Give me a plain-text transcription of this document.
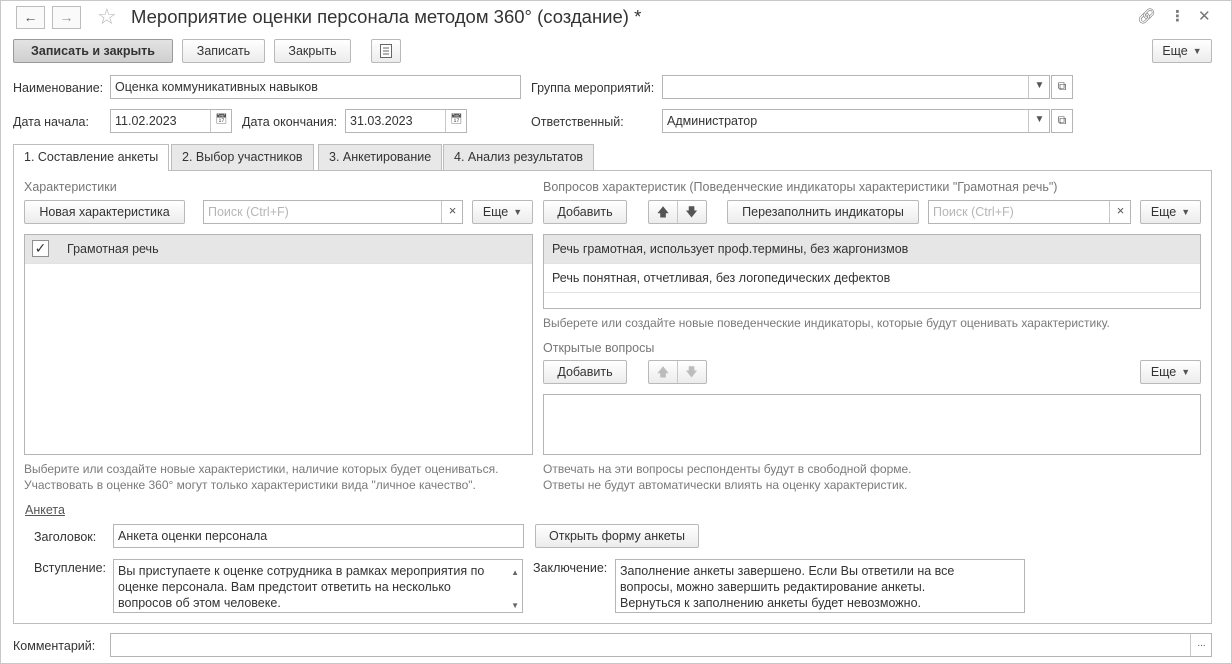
←	→	☆ Мероприятие оценки персонала методом 360° (создание) *	🔗︎ ⋮ ✕
Записать и закрыть	Записать	Закрыть	Еще ▼
Наименование: Оценка коммуникативных навыков	Группа мероприятий:	▼	⧉
Дата начала:	11.02.2023	📅︎	Дата окончания:	31.03.2023	📅︎	Ответственный:	Администратор	▼	⧉
1. Составление анкеты	2. Выбор участников	3. Анкетирование	4. Анализ результатов
Характеристики
Новая характеристика	Поиск (Ctrl+F)	×	Еще ▼
✓ Грамотная речь
Выберите или создайте новые характеристики, наличие которых будет оцениваться.
Участвовать в оценке 360° могут только характеристики вида "личное качество".
Вопросов характеристик (Поведенческие индикаторы характеристики "Грамотная речь")
Добавить	🡅︎ 🡇︎	Перезаполнить индикаторы	Поиск (Ctrl+F)	×	Еще ▼
Речь грамотная, использует проф.термины, без жаргонизмов
Речь понятная, отчетливая, без логопедических дефектов
Выберете или создайте новые поведенческие индикаторы, которые будут оценивать характеристику.
Открытые вопросы
Добавить	🡅︎ 🡇︎	Еще ▼
Отвечать на эти вопросы респонденты будут в свободной форме.
Ответы не будут автоматически влиять на оценку характеристик.
Анкета
Заголовок:	Анкета оценки персонала	Открыть форму анкеты
Вступление: Вы приступаете к оценке сотрудника в рамках мероприятия по
оценке персонала. Вам предстоит ответить на несколько
вопросов об этом человеке.
▲
▼
Заключение: Заполнение анкеты завершено. Если Вы ответили на все
вопросы, можно завершить редактирование анкеты.
Вернуться к заполнению анкеты будет невозможно.
Комментарий:	...
